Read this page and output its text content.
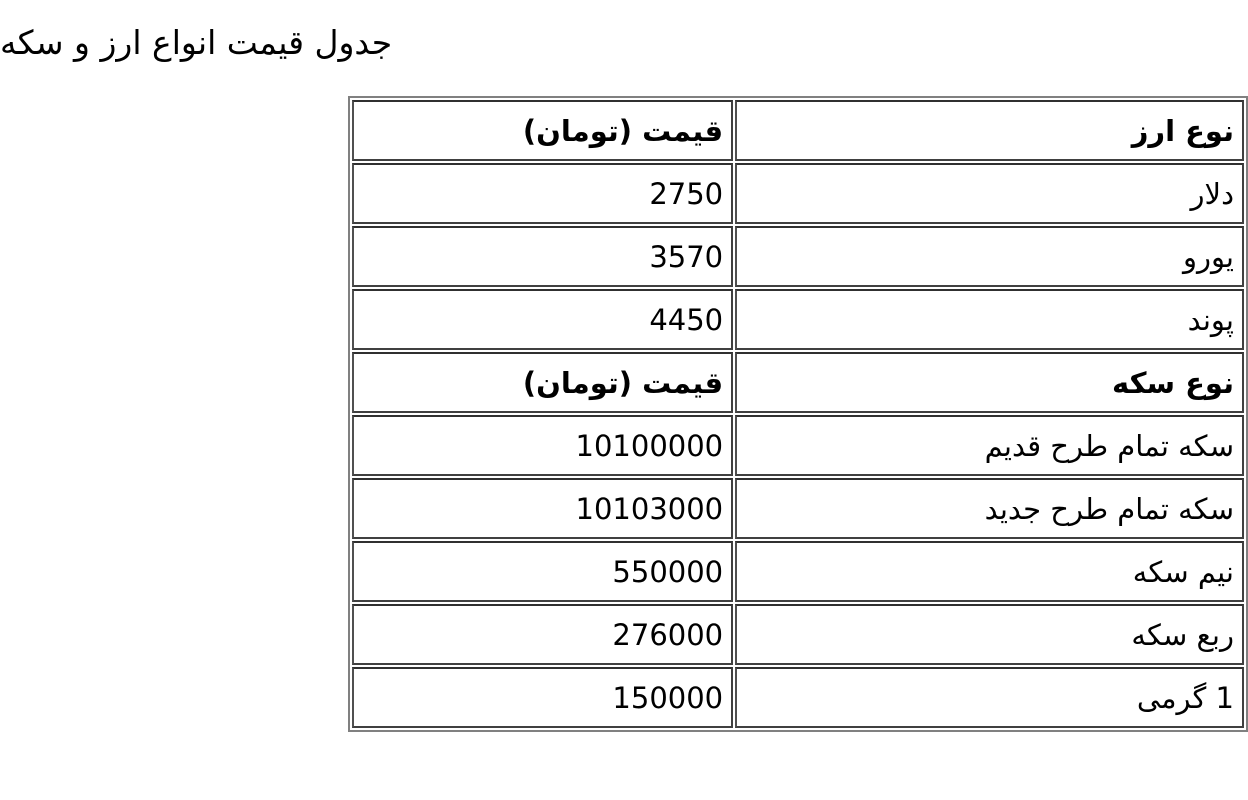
جدول قیمت انواع ارز و سکه
نوع ارز	قيمت (تومان)
دلار	2750
یورو	3570
پوند	4450
نوع سکه	قيمت (تومان)
سکه تمام طرح قدیم	10100000
سکه تمام طرح جدید	10103000
نیم سکه	550000
ربع سکه	276000
1 گرمی	150000
